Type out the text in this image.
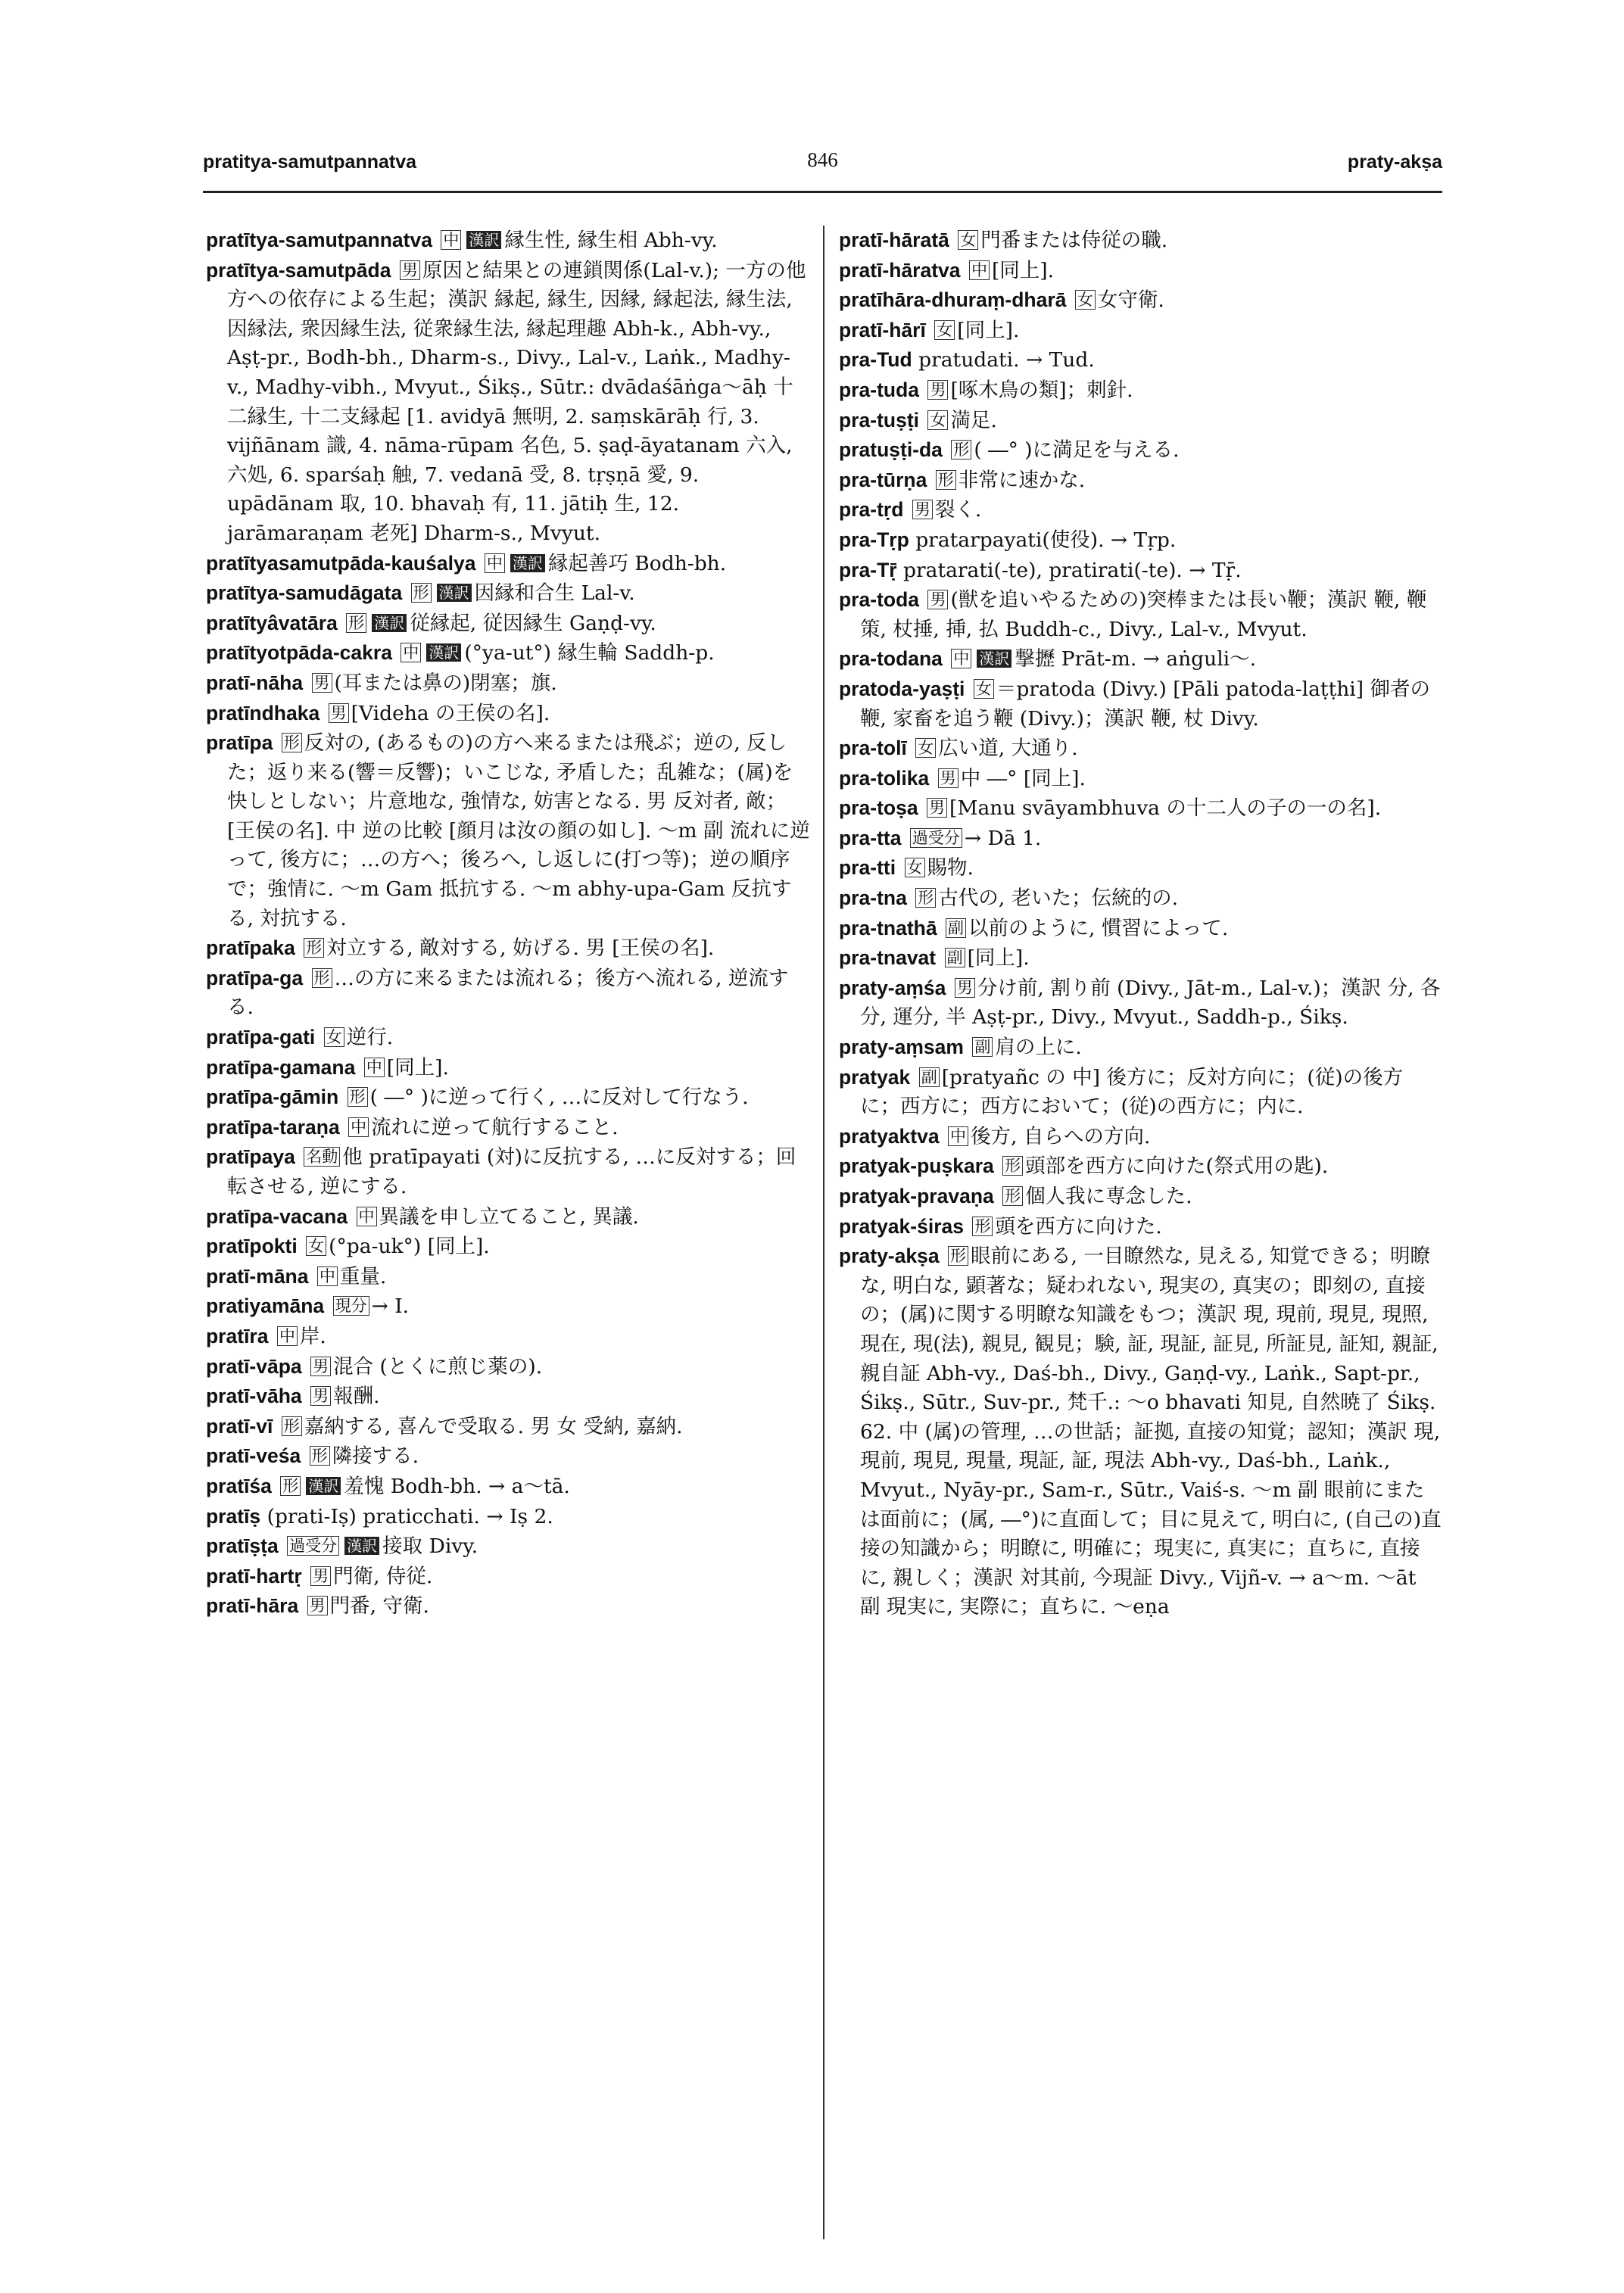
pratitya-samutpannatva	846	praty-akṣa

pratītya-samutpannatva 中 漢訳 縁生性, 縁生相 Abh-vy.

pratītya-samutpāda 男 原因と結果との連鎖関係(Lal-v.); 一方の他方への依存による生起；漢訳 縁起, 縁生, 因縁, 縁起法, 縁生法, 因縁法, 衆因縁生法, 従衆縁生法, 縁起理趣 Abh-k., Abh-vy., Aṣṭ-pr., Bodh-bh., Dharm-s., Divy., Lal-v., Laṅk., Madhy-v., Madhy-vibh., Mvyut., Śikṣ., Sūtr.: dvādaśāṅga～āḥ 十二縁生, 十二支縁起 [1. avidyā 無明, 2. saṃskārāḥ 行, 3. vijñānam 識, 4. nāma-rūpam 名色, 5. ṣaḍ-āyatanam 六入, 六処, 6. sparśaḥ 触, 7. vedanā 受, 8. tṛṣṇā 愛, 9. upādānam 取, 10. bhavaḥ 有, 11. jātiḥ 生, 12. jarāmaraṇam 老死] Dharm-s., Mvyut.

pratītyasamutpāda-kauśalya 中 漢訳 縁起善巧 Bodh-bh.

pratītya-samudāgata 形 漢訳 因縁和合生 Lal-v.

pratītyâvatāra 形 漢訳 従縁起, 従因縁生 Gaṇḍ-vy.

pratītyotpāda-cakra 中 漢訳 (°ya-ut°) 縁生輪 Saddh-p.

pratī-nāha 男 (耳または鼻の)閉塞；旗.

pratīndhaka 男 [Videha の王侯の名].

pratīpa 形 反対の, (あるもの)の方へ来るまたは飛ぶ；逆の, 反した；返り来る(響＝反響)；いこじな, 矛盾した；乱雑な；(属)を快しとしない；片意地な, 強情な, 妨害となる. 男 反対者, 敵；[王侯の名]. 中 逆の比較 [顔月は汝の顔の如し]. ～m 副 流れに逆って, 後方に；…の方へ；後ろへ, し返しに(打つ等)；逆の順序で；強情に. ～m Gam 抵抗する. ～m abhy-upa-Gam 反抗する, 対抗する.

pratīpaka 形 対立する, 敵対する, 妨げる. 男 [王侯の名].

pratīpa-ga 形 …の方に来るまたは流れる；後方へ流れる, 逆流する.

pratīpa-gati 女 逆行.

pratīpa-gamana 中 [同上].

pratīpa-gāmin 形 ( ―° )に逆って行く, …に反対して行なう.

pratīpa-taraṇa 中 流れに逆って航行すること.

pratīpaya 名動 他 pratīpayati (対)に反抗する, …に反対する；回転させる, 逆にする.

pratīpa-vacana 中 異議を申し立てること, 異議.

pratīpokti 女 (°pa-uk°) [同上].

pratī-māna 中 重量.

pratiyamāna 現分 → I.

pratīra 中 岸.

pratī-vāpa 男 混合 (とくに煎じ薬の).

pratī-vāha 男 報酬.

pratī-vī 形 嘉納する, 喜んで受取る. 男 女 受納, 嘉納.

pratī-veśa 形 隣接する.

pratīśa 形 漢訳 羞愧 Bodh-bh. → a～tā.

pratīṣ (prati-Iṣ) praticchati. → Iṣ 2.

pratīṣṭa 過受分 漢訳 接取 Divy.

pratī-hartṛ 男 門衛, 侍従.

pratī-hāra 男 門番, 守衛.

pratī-hāratā 女 門番または侍従の職.

pratī-hāratva 中 [同上].

pratīhāra-dhuraṃ-dharā 女 女守衛.

pratī-hārī 女 [同上].

pra-Tud pratudati. → Tud.

pra-tuda 男 [啄木鳥の類]；刺針.

pra-tuṣṭi 女 満足.

pratuṣṭi-da 形 ( ―° )に満足を与える.

pra-tūrṇa 形 非常に速かな.

pra-tṛd 男 裂く.

pra-Tṛp pratarpayati(使役). → Tṛp.

pra-Tṝ pratarati(-te), pratirati(-te). → Tṝ.

pra-toda 男 (獣を追いやるための)突棒または長い鞭；漢訳 鞭, 鞭策, 杖捶, 挿, 払 Buddh-c., Divy., Lal-v., Mvyut.

pra-todana 中 漢訳 撃攊 Prāt-m. → aṅguli～.

pratoda-yaṣṭi 女 ＝pratoda (Divy.) [Pāli patoda-laṭṭhi] 御者の鞭, 家畜を追う鞭 (Divy.)；漢訳 鞭, 杖 Divy.

pra-tolī 女 広い道, 大通り.

pra-tolika 男 中 ―° [同上].

pra-toṣa 男 [Manu svāyambhuva の十二人の子の一の名].

pra-tta 過受分 → Dā 1.

pra-tti 女 賜物.

pra-tna 形 古代の, 老いた；伝統的の.

pra-tnathā 副 以前のように, 慣習によって.

pra-tnavat 副 [同上].

praty-aṃśa 男 分け前, 割り前 (Divy., Jāt-m., Lal-v.)；漢訳 分, 各分, 運分, 半 Aṣṭ-pr., Divy., Mvyut., Saddh-p., Śikṣ.

praty-aṃsam 副 肩の上に.

pratyak 副 [pratyañc の 中] 後方に；反対方向に；(従)の後方に；西方に；西方において；(従)の西方に；内に.

pratyaktva 中 後方, 自らへの方向.

pratyak-puṣkara 形 頭部を西方に向けた(祭式用の匙).

pratyak-pravaṇa 形 個人我に専念した.

pratyak-śiras 形 頭を西方に向けた.

praty-akṣa 形 眼前にある, 一目瞭然な, 見える, 知覚できる；明瞭な, 明白な, 顕著な；疑われない, 現実の, 真実の；即刻の, 直接の；(属)に関する明瞭な知識をもつ；漢訳 現, 現前, 現見, 現照, 現在, 現(法), 親見, 観見；験, 証, 現証, 証見, 所証見, 証知, 親証, 親自証 Abh-vy., Daś-bh., Divy., Gaṇḍ-vy., Laṅk., Sapt-pr., Śikṣ., Sūtr., Suv-pr., 梵千.: ～o bhavati 知見, 自然暁了 Śikṣ. 62. 中 (属)の管理, …の世話；証拠, 直接の知覚；認知；漢訳 現, 現前, 現見, 現量, 現証, 証, 現法 Abh-vy., Daś-bh., Laṅk., Mvyut., Nyāy-pr., Sam-r., Sūtr., Vaiś-s. ～m 副 眼前にまたは面前に；(属, ―°)に直面して；目に見えて, 明白に, (自己の)直接の知識から；明瞭に, 明確に；現実に, 真実に；直ちに, 直接に, 親しく；漢訳 対其前, 今現証 Divy., Vijñ-v. → a～m. ～āt 副 現実に, 実際に；直ちに. ～eṇa
